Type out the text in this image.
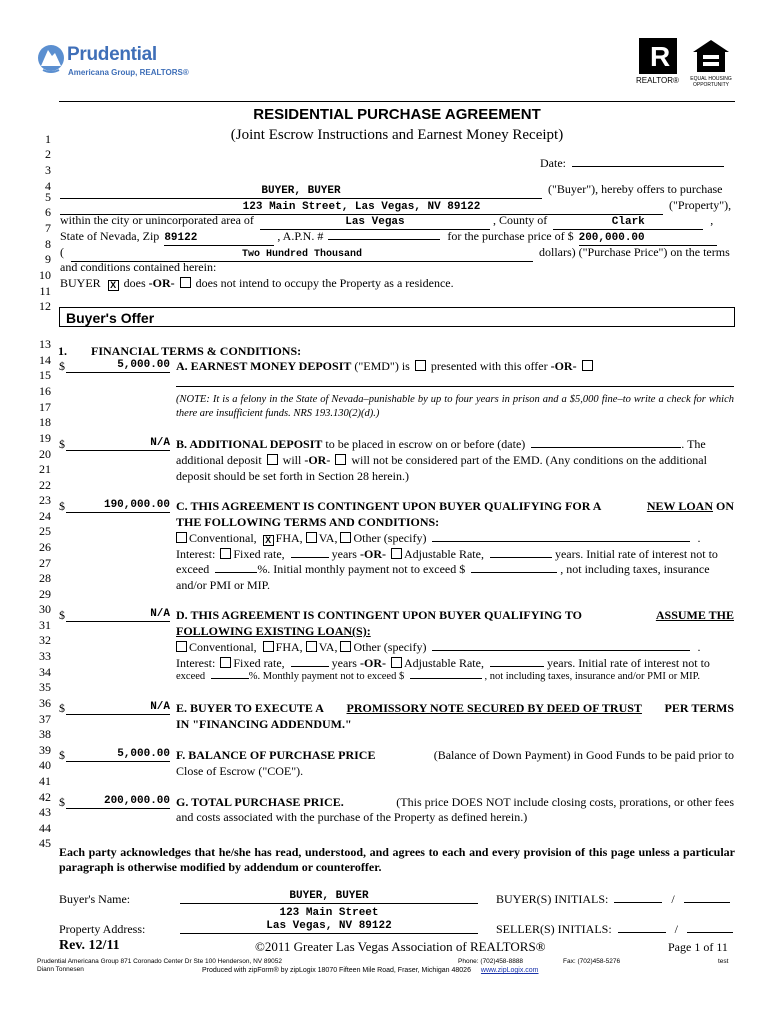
Prudential
Americana Group, REALTORS®
R
REALTOR®	EQUAL HOUSING OPPORTUNITY
RESIDENTIAL PURCHASE AGREEMENT
(Joint Escrow Instructions and Earnest Money Receipt)
1
2
3
4
5
6
7
8
9
10
11
12
13
14
15
16
17
18
19
20
21
22
23
24
25
26
27
28
29
30
31
32
33
34
35
36
37
38
39
40
41
42
43
44
45
Date:
BUYER, BUYER	("Buyer"), hereby offers to purchase
123 Main Street, Las Vegas, NV 89122	("Property"),
within the city or unincorporated area of	Las Vegas	, County of	Clark	,
State of Nevada, Zip 89122	, A.P.N. #	for the purchase price of $ 200,000.00
(	Two Hundred Thousand	dollars) ("Purchase Price") on the terms
and conditions contained herein:
BUYER X does -OR- does not intend to occupy the Property as a residence.
Buyer's Offer
1. FINANCIAL TERMS & CONDITIONS:
$	5,000.00 A. EARNEST MONEY DEPOSIT ("EMD") is presented with this offer -OR-
(NOTE: It is a felony in the State of Nevada–punishable by up to four years in prison and a $5,000 fine–to write a check for which there are insufficient funds. NRS 193.130(2)(d).)
$	N/A B. ADDITIONAL DEPOSIT to be placed in escrow on or before (date)	. The
additional deposit will -OR- will not be considered part of the EMD. (Any conditions on the additional
deposit should be set forth in Section 28 herein.)
$	190,000.00 C. THIS AGREEMENT IS CONTINGENT UPON BUYER QUALIFYING FOR A	NEW LOAN ON
THE FOLLOWING TERMS AND CONDITIONS:
Conventional, X FHA, VA, Other (specify)	.
Interest: Fixed rate,	years -OR- Adjustable Rate,	years. Initial rate of interest not to
exceed	%. Initial monthly payment not to exceed $	, not including taxes, insurance
and/or PMI or MIP.
$	N/A D. THIS AGREEMENT IS CONTINGENT UPON BUYER QUALIFYING TO	ASSUME THE
FOLLOWING EXISTING LOAN(S):
Conventional, FHA, VA, Other (specify)	.
Interest: Fixed rate,	years -OR- Adjustable Rate,	years. Initial rate of interest not to
exceed	%. Monthly payment not to exceed $	, not including taxes, insurance and/or PMI or MIP.
$	N/A E. BUYER TO EXECUTE A PROMISSORY NOTE SECURED BY DEED OF TRUST PER TERMS
IN "FINANCING ADDENDUM."
$	5,000.00 F. BALANCE OF PURCHASE PRICE	(Balance of Down Payment) in Good Funds to be paid prior to
Close of Escrow ("COE").
$	200,000.00 G. TOTAL PURCHASE PRICE.	(This price DOES NOT include closing costs, prorations, or other fees
and costs associated with the purchase of the Property as defined herein.)
Each party acknowledges that he/she has read, understood, and agrees to each and every provision of this page unless a particular paragraph is otherwise modified by addendum or counteroffer.
Buyer's Name:	BUYER, BUYER	BUYER(S) INITIALS:	/
Property Address:
123 Main Street
Las Vegas, NV 89122	SELLER(S) INITIALS:	/
Rev. 12/11	©2011 Greater Las Vegas Association of REALTORS®	Page 1 of 11
Prudential Americana Group 871 Coronado Center Dr Ste 100 Henderson, NV 89052	Phone: (702)458-8888	Fax: (702)458-5276	test
Diann Tonnesen	Produced with zipForm® by zipLogix 18070 Fifteen Mile Road, Fraser, Michigan 48026 www.zipLogix.com
